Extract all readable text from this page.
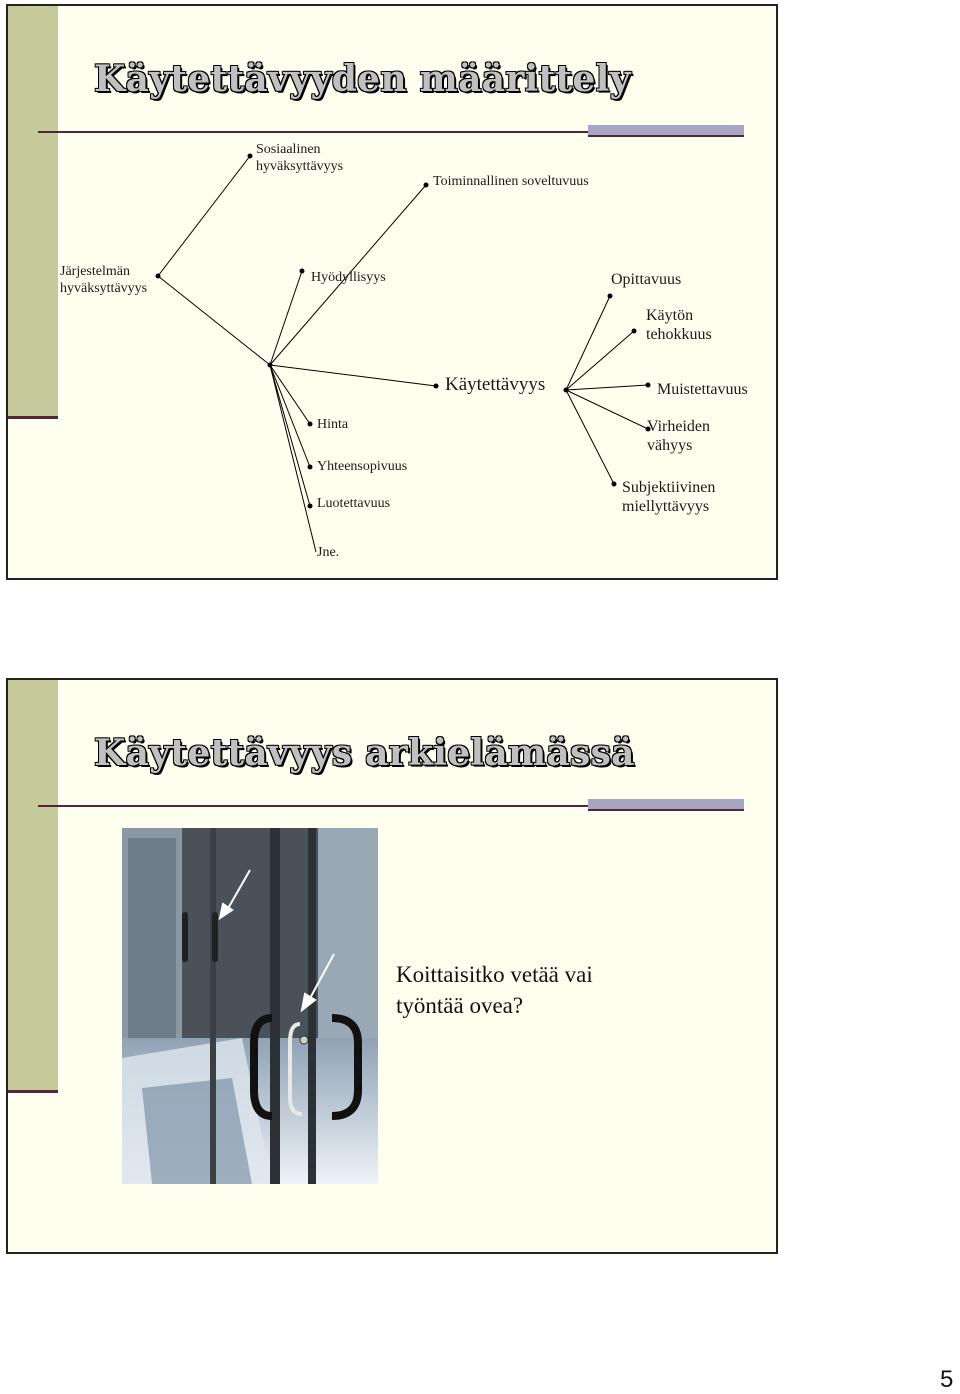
Käytettävyyden määrittely
Sosiaalinen
hyväksyttävyys
Toiminnallinen soveltuvuus
Järjestelmän
hyväksyttävyys
Hyödyllisyys	Opittavuus
Käytön
tehokkuus
Käytettävyys	Muistettavuus
Hinta	Virheiden
vähyys
Yhteensopivuus
Subjektiivinen
miellyttävyys
Luotettavuus
Jne.
Käytettävyys arkielämässä

Koittaisitko vetää vai
työntää ovea?

5
